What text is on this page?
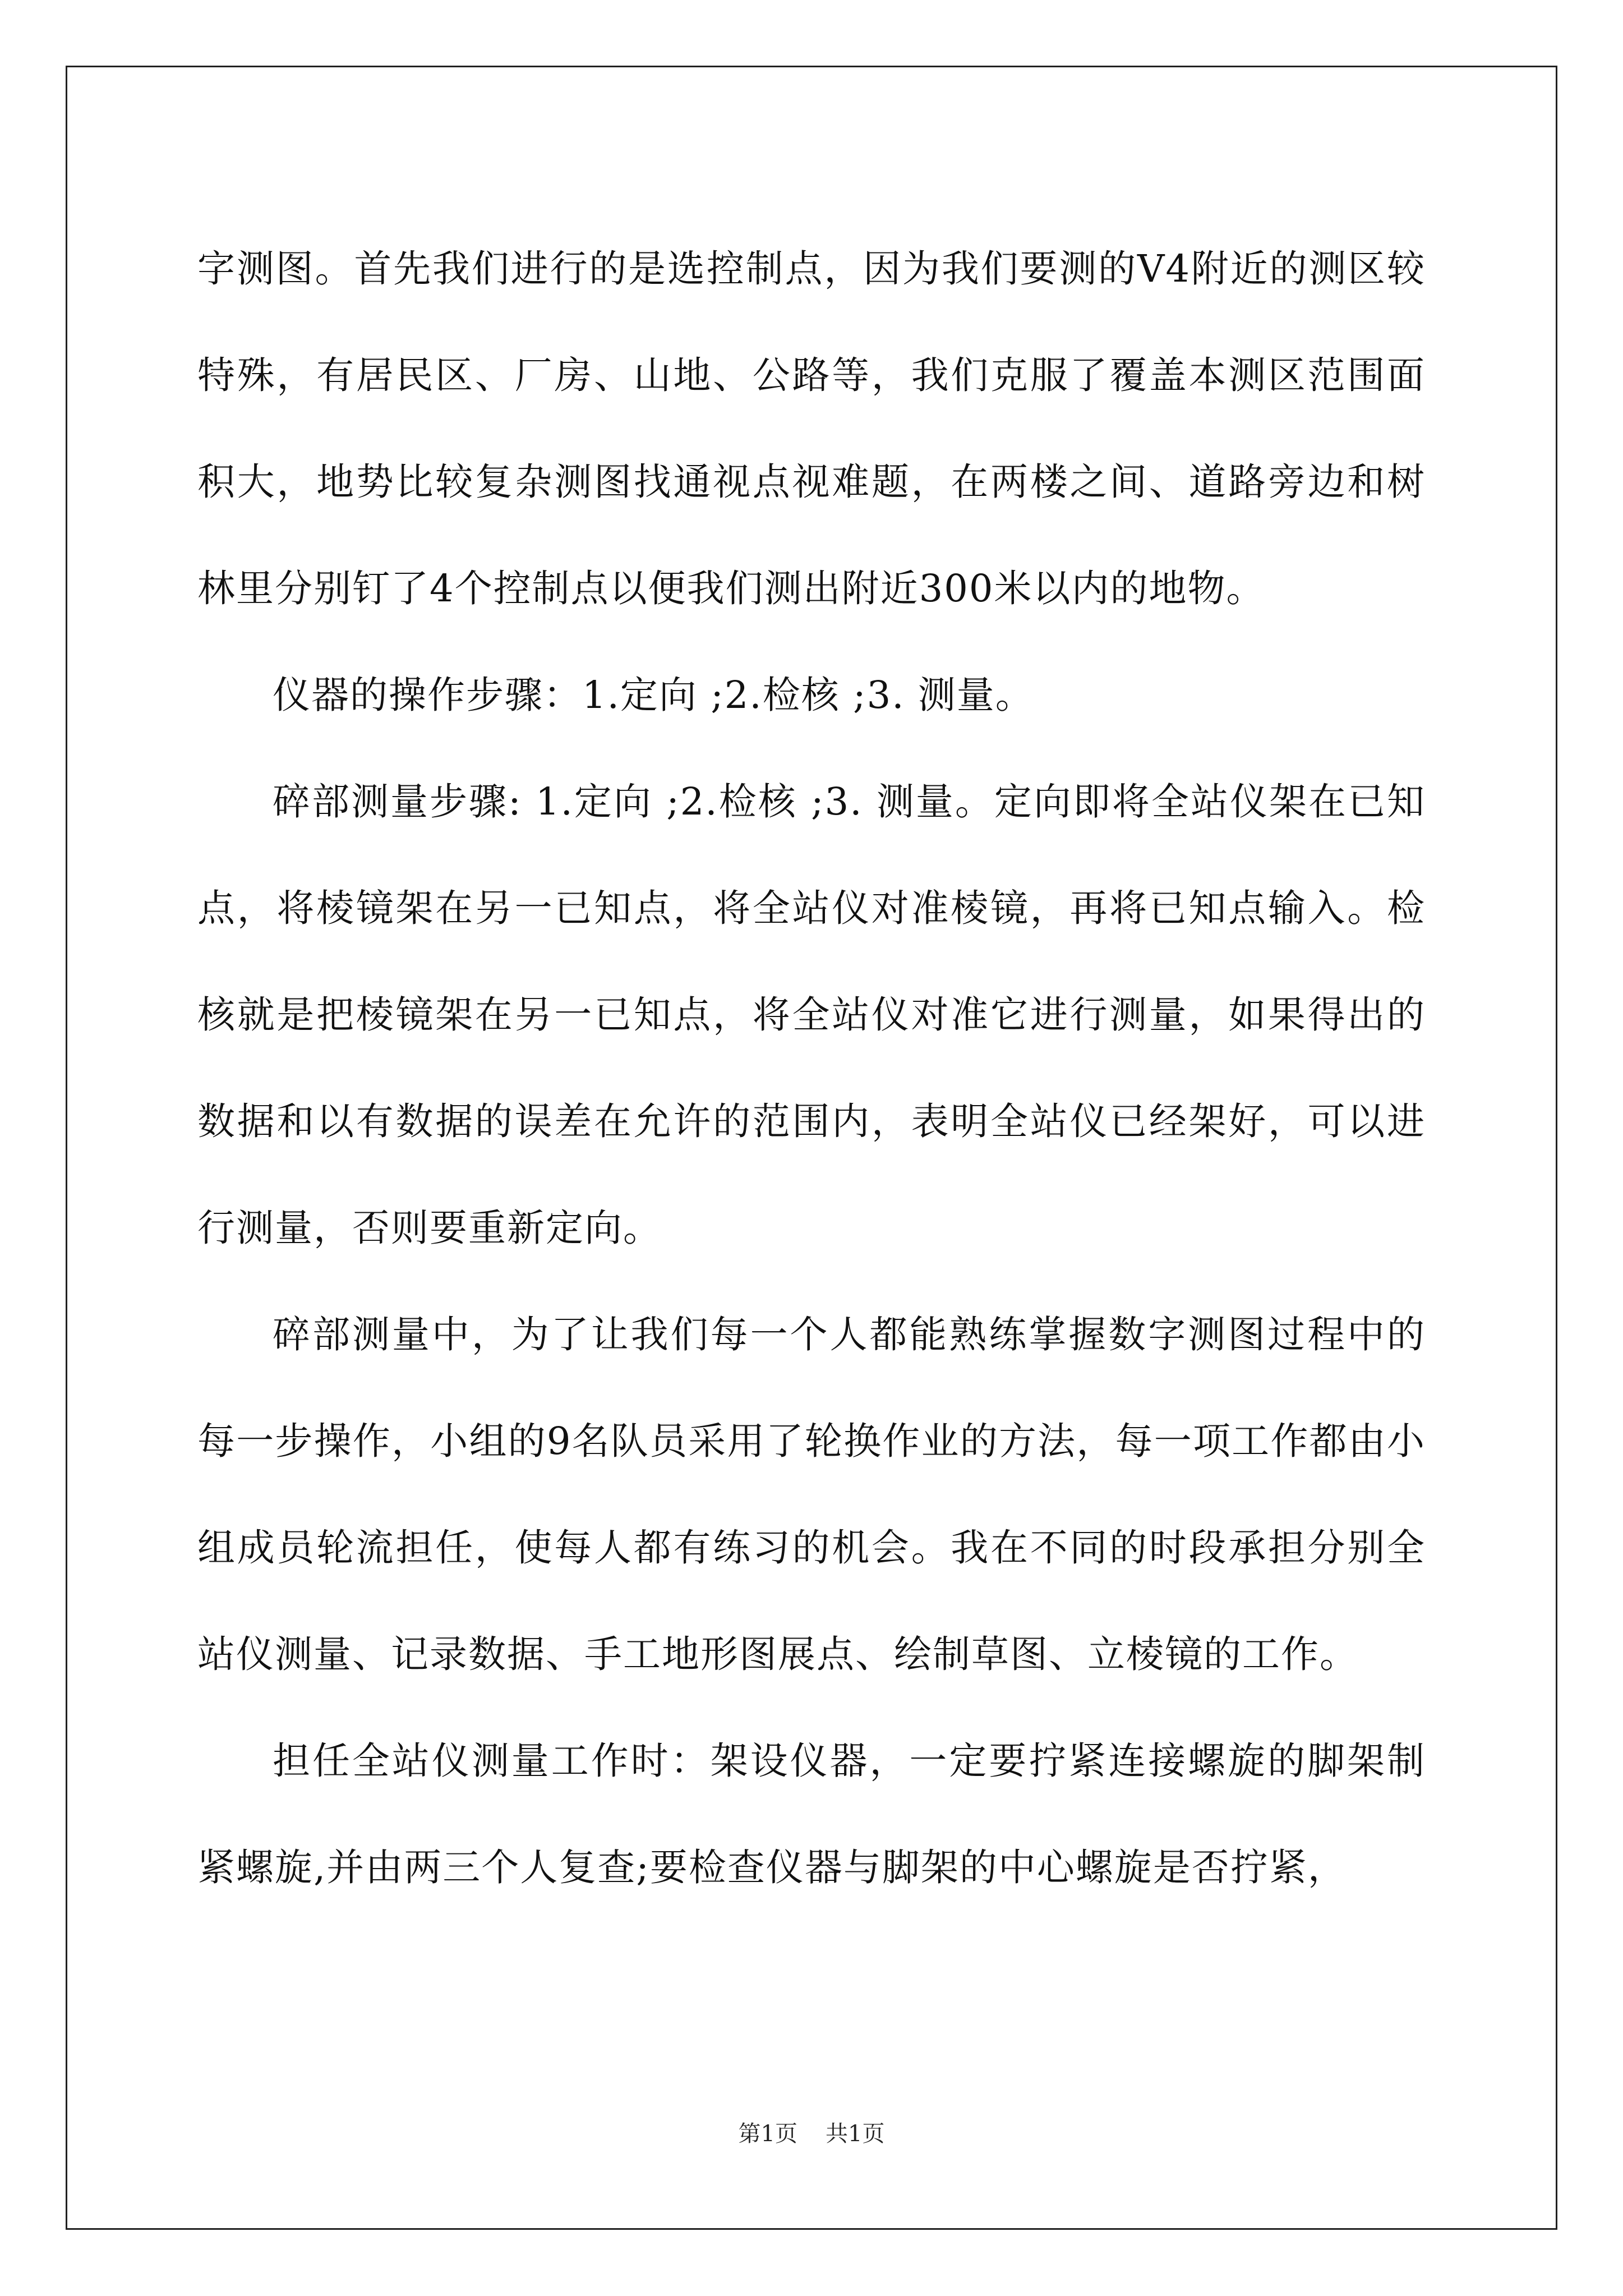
字测图。首先我们进行的是选控制点，因为我们要测的V4附近的测区较特殊，有居民区、厂房、山地、公路等，我们克服了覆盖本测区范围面积大，地势比较复杂测图找通视点视难题，在两楼之间、道路旁边和树林里分别钉了4个控制点以便我们测出附近300米以内的地物。

仪器的操作步骤：1.定向 ;2.检核 ;3. 测量。

碎部测量步骤: 1.定向 ;2.检核 ;3. 测量。定向即将全站仪架在已知点，将棱镜架在另一已知点，将全站仪对准棱镜，再将已知点输入。检核就是把棱镜架在另一已知点，将全站仪对准它进行测量，如果得出的数据和以有数据的误差在允许的范围内，表明全站仪已经架好，可以进行测量，否则要重新定向。

碎部测量中，为了让我们每一个人都能熟练掌握数字测图过程中的每一步操作，小组的9名队员采用了轮换作业的方法，每一项工作都由小组成员轮流担任，使每人都有练习的机会。我在不同的时段承担分别全站仪测量、记录数据、手工地形图展点、绘制草图、立棱镜的工作。

担任全站仪测量工作时：架设仪器，一定要拧紧连接螺旋的脚架制紧螺旋,并由两三个人复查;要检查仪器与脚架的中心螺旋是否拧紧，

第1页 共1页
